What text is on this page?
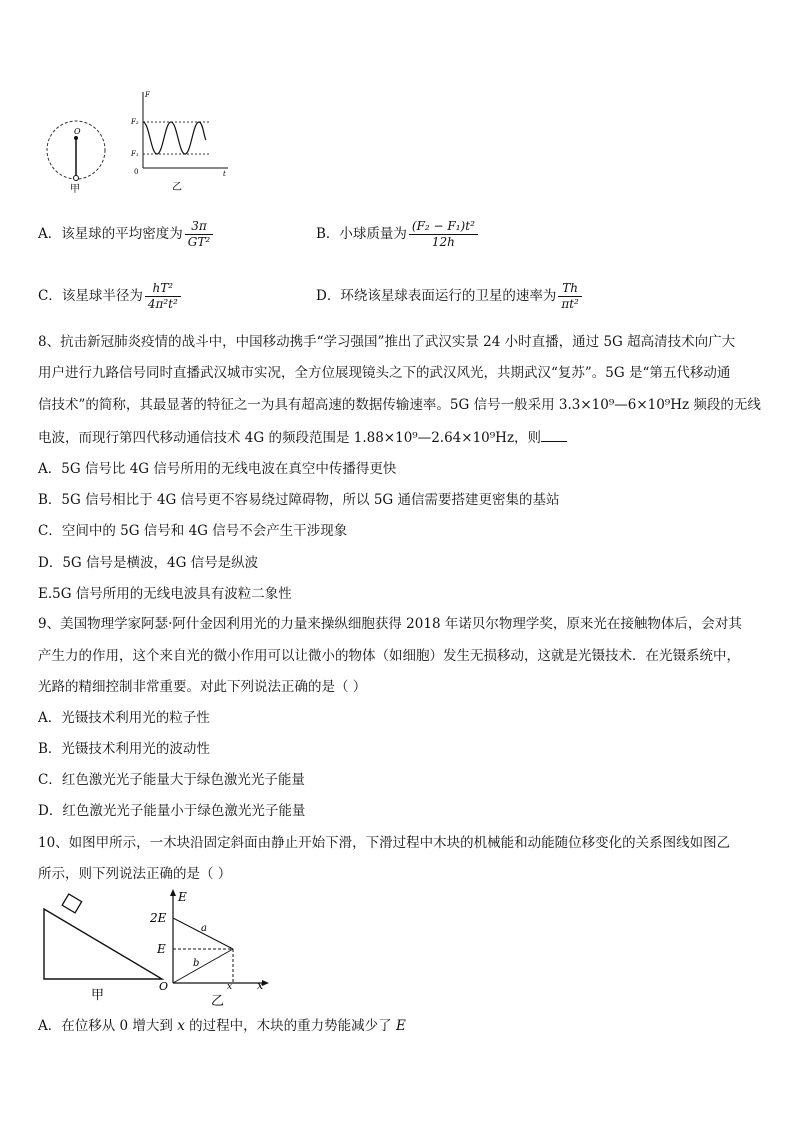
O
甲
F
t
F₂
F₁
0
乙
A．该星球的平均密度为 $\frac{3\pi}{\text{GT²}}$	B．小球质量为 $\frac{\text{(F₂ − F₁)t²}}{12h}$
C．该星球半径为 $\frac{\text{hT²}}{\text{4π²t²}}$	D．环绕该星球表面运行的卫星的速率为 $\frac{Th}{\text{πt²}}$
8、抗击新冠肺炎疫情的战斗中，中国移动携手“学习强国”推出了武汉实景 24 小时直播，通过 5G 超高清技术向广大
用户进行九路信号同时直播武汉城市实况，全方位展现镜头之下的武汉风光，共期武汉“复苏”。5G 是“第五代移动通
信技术”的简称，其最显著的特征之一为具有超高速的数据传输速率。5G 信号一般采用 3.3×10⁹—6×10⁹Hz 频段的无线
电波，而现行第四代移动通信技术 4G 的频段范围是 1.88×10⁹—2.64×10⁹Hz，则
A．5G 信号比 4G 信号所用的无线电波在真空中传播得更快
B．5G 信号相比于 4G 信号更不容易绕过障碍物，所以 5G 通信需要搭建更密集的基站
C．空间中的 5G 信号和 4G 信号不会产生干涉现象
D．5G 信号是横波，4G 信号是纵波
E.5G 信号所用的无线电波具有波粒二象性
9、美国物理学家阿瑟·阿什金因利用光的力量来操纵细胞获得 2018 年诺贝尔物理学奖，原来光在接触物体后，会对其
产生力的作用，这个来自光的微小作用可以让微小的物体（如细胞）发生无损移动，这就是光镊技术．在光镊系统中，
光路的精细控制非常重要。对此下列说法正确的是（ ）
A．光镊技术利用光的粒子性
B．光镊技术利用光的波动性
C．红色激光光子能量大于绿色激光光子能量
D．红色激光光子能量小于绿色激光光子能量
10、如图甲所示，一木块沿固定斜面由静止开始下滑，下滑过程中木块的机械能和动能随位移变化的关系图线如图乙
所示，则下列说法正确的是（ ）
甲
E
x
2E
E
O	x
a
b
乙
A．在位移从 0 增大到 x 的过程中，木块的重力势能减少了 E
